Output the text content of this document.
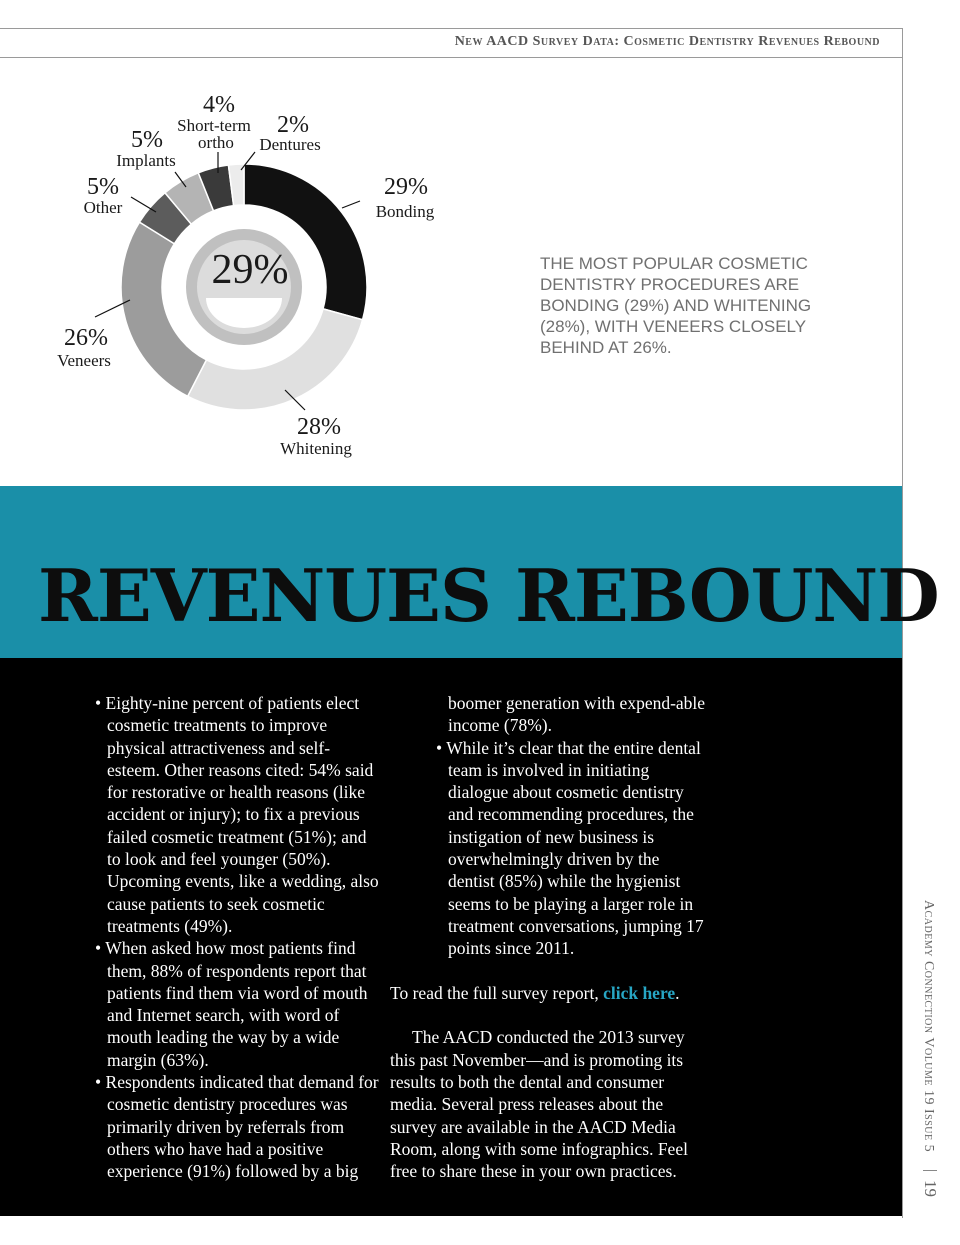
New AACD Survey Data: Cosmetic Dentistry Revenues Rebound
29%
29%
Bonding
28%
Whitening
26%
Veneers
5%
Other
5%
Implants
4%
Short-term
ortho
2%
Dentures
THE MOST POPULAR COSMETIC DENTISTRY PROCEDURES ARE BONDING (29%) AND WHITENING (28%), WITH VENEERS CLOSELY BEHIND AT 26%.
REVENUES REBOUND

• Eighty-nine percent of patients elect cosmetic treatments to improve physical attractiveness and self-esteem. Other reasons cited: 54% said for restorative or health reasons (like accident or injury); to fix a previous failed cosmetic treatment (51%); and to look and feel younger (50%). Upcoming events, like a wedding, also cause patients to seek cosmetic treatments (49%).

• When asked how most patients find them, 88% of respondents report that patients find them via word of mouth and Internet search, with word of mouth leading the way by a wide margin (63%).

• Respondents indicated that demand for cosmetic dentistry procedures was primarily driven by referrals from others who have had a positive experience (91%) followed by a big

boomer generation with expend-able income (78%).

• While it’s clear that the entire dental team is involved in initiating dialogue about cosmetic dentistry and recommending procedures, the instigation of new business is overwhelmingly driven by the dentist (85%) while the hygienist seems to be playing a larger role in treatment conversations, jumping 17 points since 2011.

To read the full survey report, click here.

The AACD conducted the 2013 survey this past November—and is promoting its results to both the dental and consumer media. Several press releases about the survey are available in the AACD Media Room, along with some infographics. Feel free to share these in your own practices.

Academy Connection Volume 19 Issue 5
19
